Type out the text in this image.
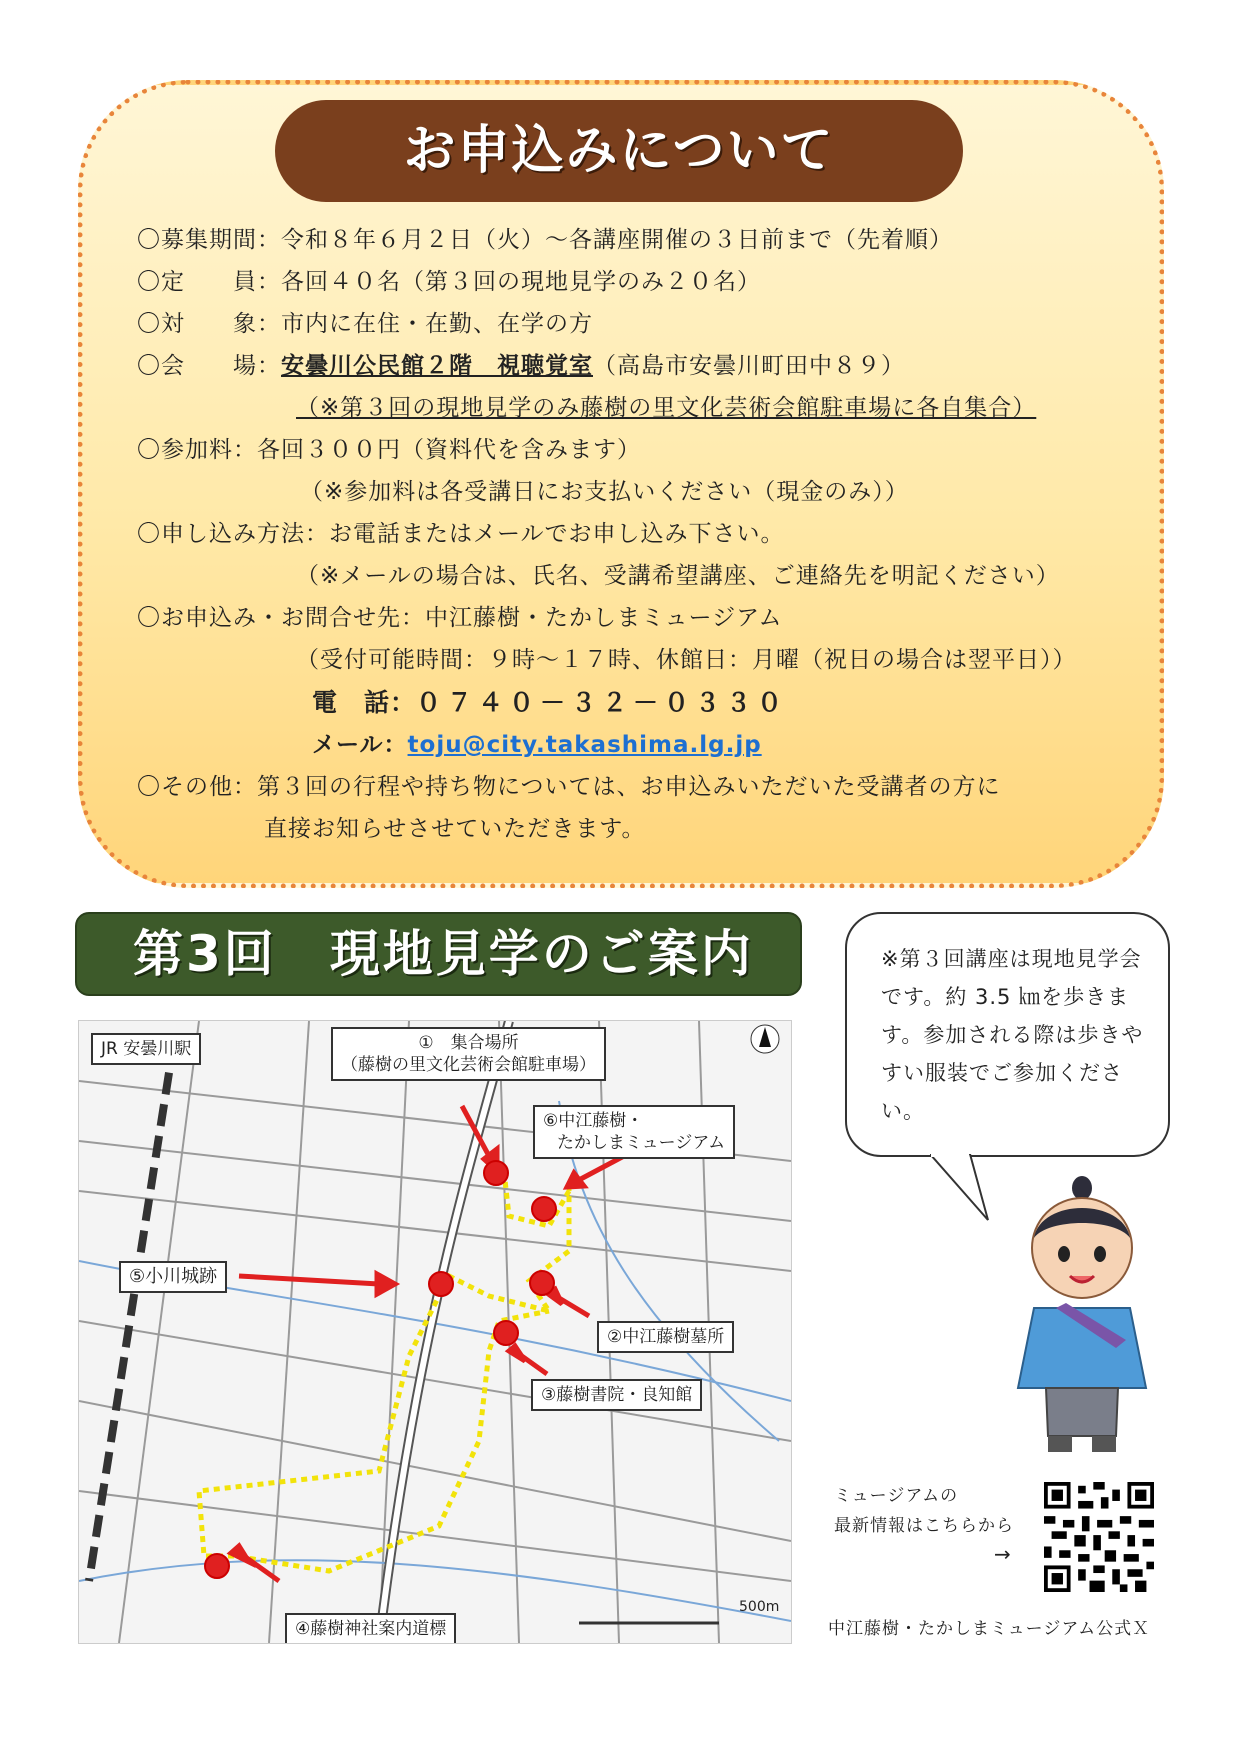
お申込みについて
〇募集期間：令和８年６月２日（火）～各講座開催の３日前まで（先着順）
〇定　　員：各回４０名（第３回の現地見学のみ２０名）
〇対　　象：市内に在住・在勤、在学の方
〇会　　場：安曇川公民館２階　視聴覚室（高島市安曇川町田中８９）
（※第３回の現地見学のみ藤樹の里文化芸術会館駐車場に各自集合）
〇参加料：各回３００円（資料代を含みます）
（※参加料は各受講日にお支払いください（現金のみ））
〇申し込み方法：お電話またはメールでお申し込み下さい。
（※メールの場合は、氏名、受講希望講座、ご連絡先を明記ください）
〇お申込み・お問合せ先：中江藤樹・たかしまミュージアム
（受付可能時間：９時～１７時、休館日：月曜（祝日の場合は翌平日））
電　話：０７４０－３２－０３３０
メール：toju@city.takashima.lg.jp
〇その他：第３回の行程や持ち物については、お申込みいただいた受講者の方に
直接お知らせさせていただきます。
第3回　現地見学のご案内
JR 安曇川駅	①　集合場所
（藤樹の里文化芸術会館駐車場）
⑥中江藤樹・
たかしまミュージアム
⑤小川城跡
②中江藤樹墓所
③藤樹書院・良知館
④藤樹神社案内道標
500m
※第３回講座は現地見学会です。約 3.5 ㎞を歩きます。参加される際は歩きやすい服装でご参加ください。
ミュージアムの
最新情報はこちらから
→
中江藤樹・たかしまミュージアム公式Ｘ
